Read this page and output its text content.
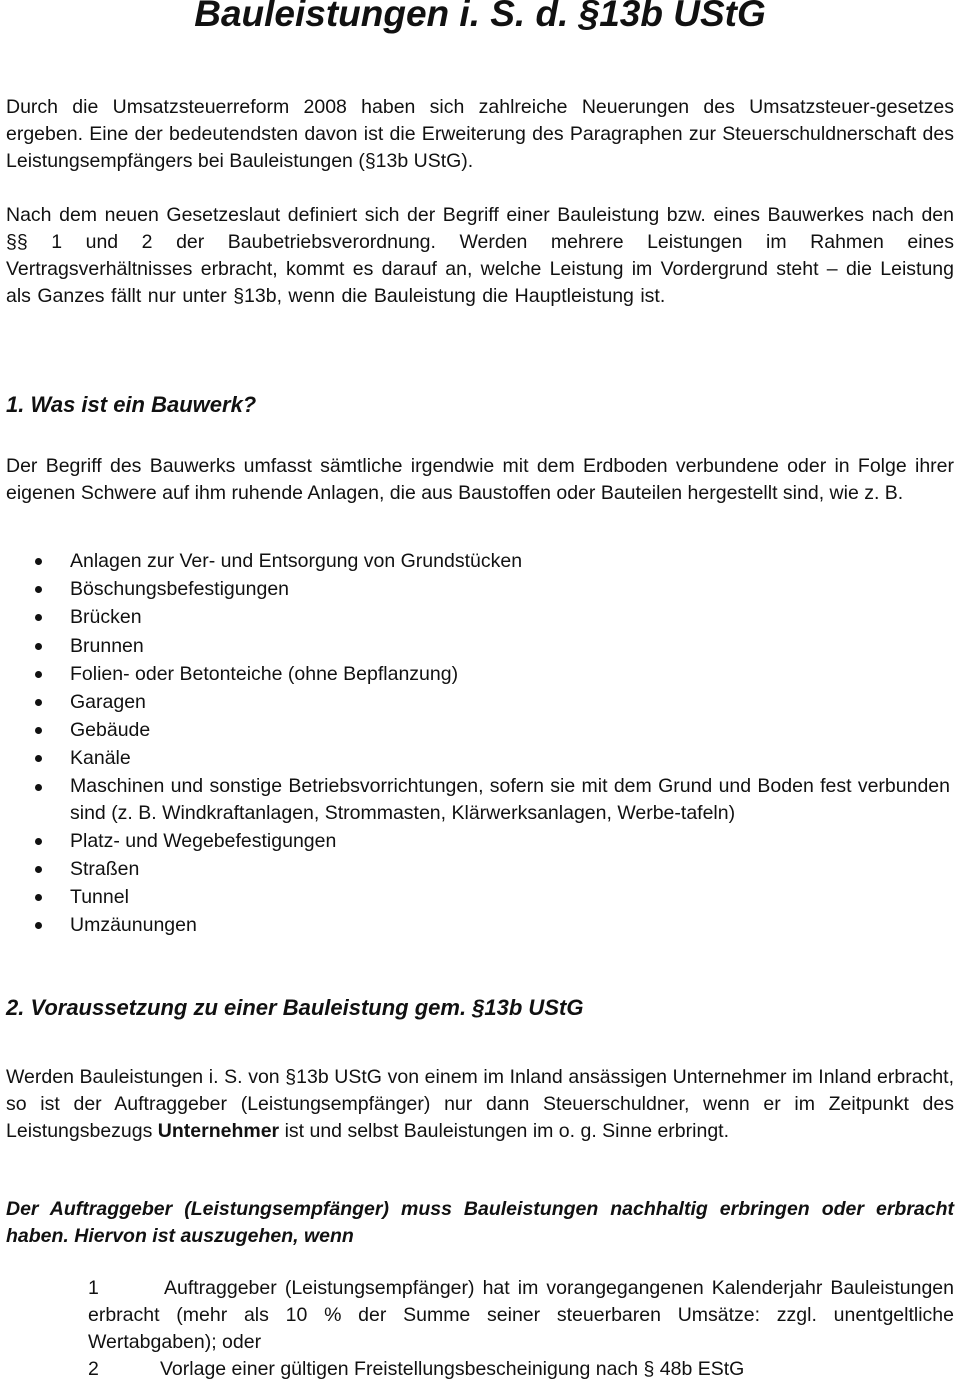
Bauleistungen i. S. d. §13b UStG

Durch die Umsatzsteuerreform 2008 haben sich zahlreiche Neuerungen des Umsatzsteuer-gesetzes ergeben. Eine der bedeutendsten davon ist die Erweiterung des Paragraphen zur Steuerschuldnerschaft des Leistungsempfängers bei Bauleistungen (§13b UStG).

Nach dem neuen Gesetzeslaut definiert sich der Begriff einer Bauleistung bzw. eines Bauwerkes nach den §§ 1 und 2 der Baubetriebsverordnung. Werden mehrere Leistungen im Rahmen eines Vertragsverhältnisses erbracht, kommt es darauf an, welche Leistung im Vordergrund steht – die Leistung als Ganzes fällt nur unter §13b, wenn die Bauleistung die Hauptleistung ist.

1. Was ist ein Bauwerk?

Der Begriff des Bauwerks umfasst sämtliche irgendwie mit dem Erdboden verbundene oder in Folge ihrer eigenen Schwere auf ihm ruhende Anlagen, die aus Baustoffen oder Bauteilen hergestellt sind, wie z. B.

Anlagen zur Ver- und Entsorgung von Grundstücken
Böschungsbefestigungen
Brücken
Brunnen
Folien- oder Betonteiche (ohne Bepflanzung)
Garagen
Gebäude
Kanäle
Maschinen und sonstige Betriebsvorrichtungen, sofern sie mit dem Grund und Boden fest verbunden sind (z. B. Windkraftanlagen, Strommasten, Klärwerksanlagen, Werbe-tafeln)
Platz- und Wegebefestigungen
Straßen
Tunnel
Umzäunungen
2. Voraussetzung zu einer Bauleistung gem. §13b UStG

Werden Bauleistungen i. S. von §13b UStG von einem im Inland ansässigen Unternehmer im Inland erbracht, so ist der Auftraggeber (Leistungsempfänger) nur dann Steuerschuldner, wenn er im Zeitpunkt des Leistungsbezugs Unternehmer ist und selbst Bauleistungen im o. g. Sinne erbringt.

Der Auftraggeber (Leistungsempfänger) muss Bauleistungen nachhaltig erbringen oder erbracht haben. Hiervon ist auszugehen, wenn

1	Auftraggeber (Leistungsempfänger) hat im vorangegangenen Kalenderjahr Bauleistungen erbracht (mehr als 10 % der Summe seiner steuerbaren Umsätze: zzgl. unentgeltliche Wertabgaben); oder
2	Vorlage einer gültigen Freistellungsbescheinigung nach § 48b EStG
